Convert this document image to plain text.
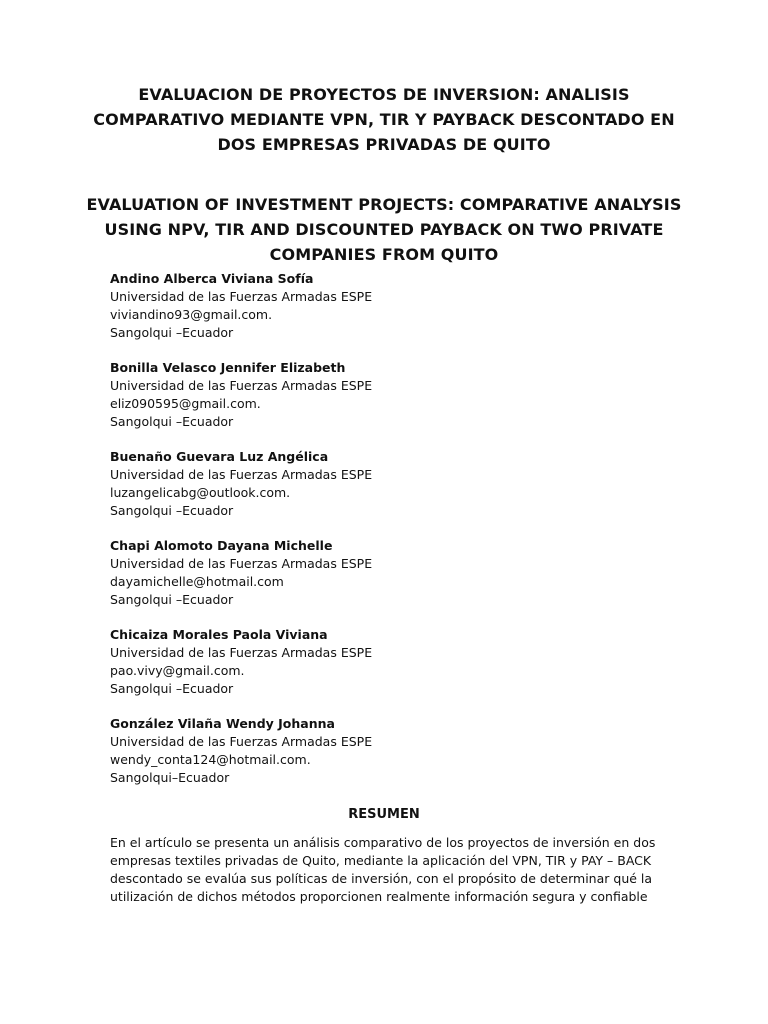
EVALUACION DE PROYECTOS DE INVERSION: ANALISIS COMPARATIVO MEDIANTE VPN, TIR Y PAYBACK DESCONTADO EN DOS EMPRESAS PRIVADAS DE QUITO
EVALUATION OF INVESTMENT PROJECTS: COMPARATIVE ANALYSIS USING NPV, TIR AND DISCOUNTED PAYBACK ON TWO PRIVATE COMPANIES FROM QUITO
Andino Alberca Viviana Sofía
Universidad de las Fuerzas Armadas ESPE
viviandino93@gmail.com.
Sangolqui –Ecuador
Bonilla Velasco Jennifer Elizabeth
Universidad de las Fuerzas Armadas ESPE
eliz090595@gmail.com.
Sangolqui –Ecuador
Buenaño Guevara Luz Angélica
Universidad de las Fuerzas Armadas ESPE
luzangelicabg@outlook.com.
Sangolqui –Ecuador
Chapi Alomoto Dayana Michelle
Universidad de las Fuerzas Armadas ESPE
dayamichelle@hotmail.com
Sangolqui –Ecuador
Chicaiza Morales Paola Viviana
Universidad de las Fuerzas Armadas ESPE
pao.vivy@gmail.com.
Sangolqui –Ecuador
González Vilaña Wendy Johanna
Universidad de las Fuerzas Armadas ESPE
wendy_conta124@hotmail.com.
Sangolqui–Ecuador
RESUMEN
En el artículo se presenta un análisis comparativo de los proyectos de inversión en dos
empresas textiles privadas de Quito, mediante la aplicación del VPN, TIR y PAY – BACK
descontado se evalúa sus políticas de inversión, con el propósito de determinar qué la
utilización de dichos métodos proporcionen realmente información segura y confiable
